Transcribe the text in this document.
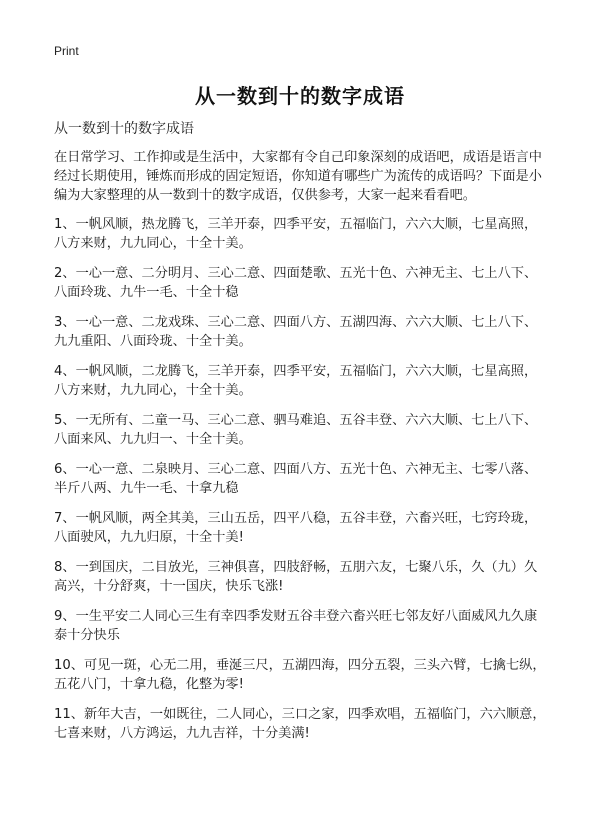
Print
从一数到十的数字成语
从一数到十的数字成语

在日常学习、工作抑或是生活中，大家都有令自己印象深刻的成语吧，成语是语言中经过长期使用，锤炼而形成的固定短语，你知道有哪些广为流传的成语吗？下面是小编为大家整理的从一数到十的数字成语，仅供参考，大家一起来看看吧。

1、一帆风顺，热龙腾飞，三羊开泰，四季平安，五福临门，六六大顺，七星高照，八方来财，九九同心，十全十美。

2、一心一意、二分明月、三心二意、四面楚歌、五光十色、六神无主、七上八下、八面玲珑、九牛一毛、十全十稳

3、一心一意、二龙戏珠、三心二意、四面八方、五湖四海、六六大顺、七上八下、九九重阳、八面玲珑、十全十美。

4、一帆风顺，二龙腾飞，三羊开泰，四季平安，五福临门，六六大顺，七星高照，八方来财，九九同心，十全十美。

5、一无所有、二童一马、三心二意、驷马难追、五谷丰登、六六大顺、七上八下、八面来风、九九归一、十全十美。

6、一心一意、二泉映月、三心二意、四面八方、五光十色、六神无主、七零八落、半斤八两、九牛一毛、十拿九稳

7、一帆风顺，两全其美，三山五岳，四平八稳，五谷丰登，六畜兴旺，七窍玲珑，八面驶风，九九归原，十全十美!

8、一到国庆，二目放光，三神俱喜，四肢舒畅，五朋六友，七聚八乐，久（九）久高兴，十分舒爽，十一国庆，快乐飞涨!

9、一生平安二人同心三生有幸四季发财五谷丰登六畜兴旺七邻友好八面威风九久康泰十分快乐

10、可见一斑，心无二用，垂涎三尺，五湖四海，四分五裂，三头六臂，七擒七纵，五花八门，十拿九稳，化整为零!

11、新年大吉，一如既往，二人同心，三口之家，四季欢唱，五福临门，六六顺意，七喜来财，八方鸿运，九九吉祥，十分美满!
